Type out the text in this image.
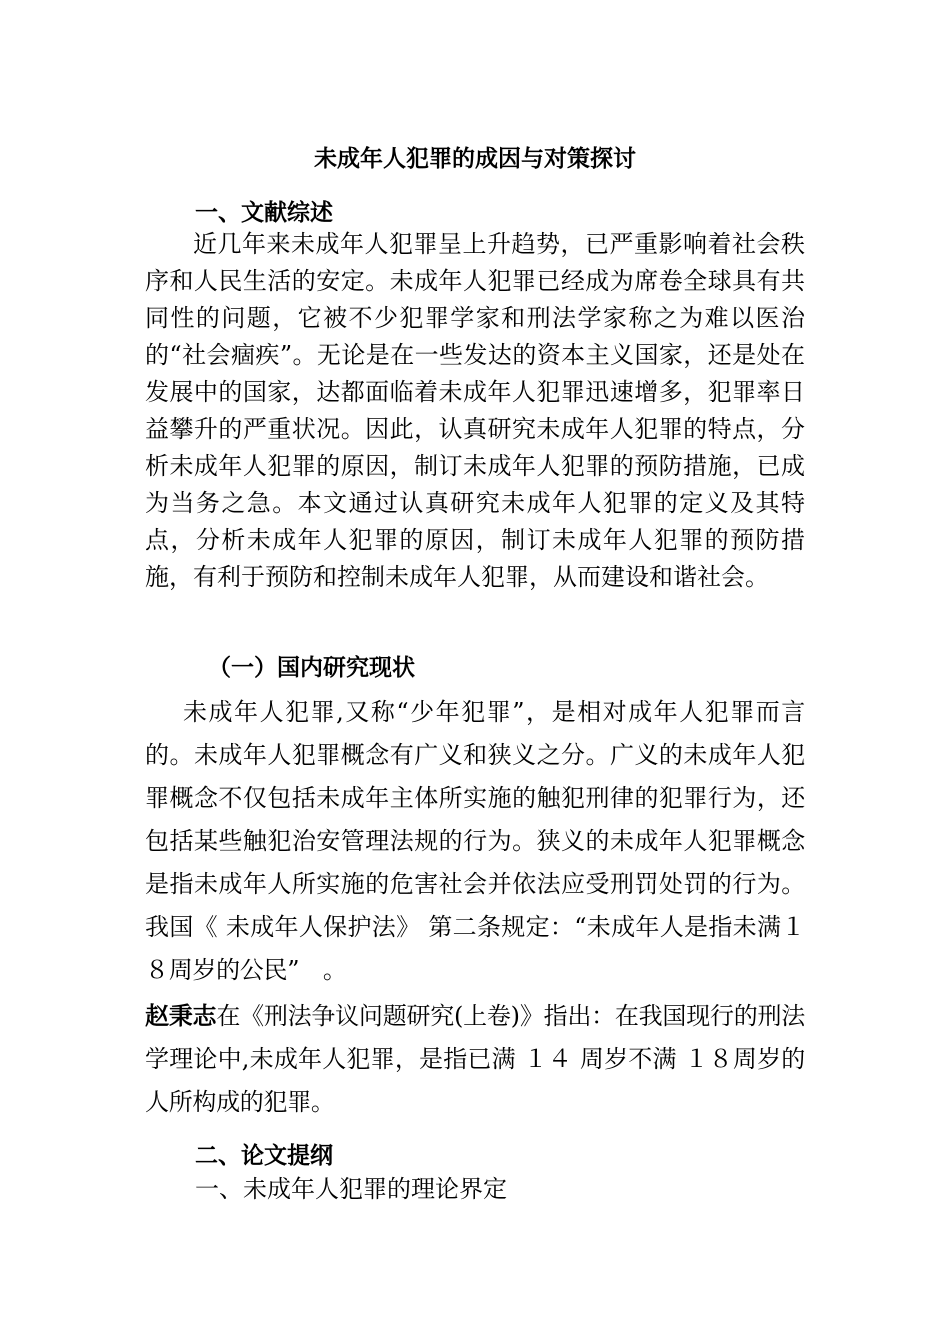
未成年人犯罪的成因与对策探讨
一、文献综述
近几年来未成年人犯罪呈上升趋势，已严重影响着社会秩序和人民生活的安定。未成年人犯罪已经成为席卷全球具有共同性的问题，它被不少犯罪学家和刑法学家称之为难以医治的“社会痼疾”。无论是在一些发达的资本主义国家，还是处在发展中的国家，达都面临着未成年人犯罪迅速增多，犯罪率日益攀升的严重状况。因此，认真研究未成年人犯罪的特点，分析未成年人犯罪的原因，制订未成年人犯罪的预防措施，已成为当务之急。本文通过认真研究未成年人犯罪的定义及其特点，分析未成年人犯罪的原因，制订未成年人犯罪的预防措施，有利于预防和控制未成年人犯罪，从而建设和谐社会。
（一）国内研究现状
未成年人犯罪,又称“少年犯罪”，是相对成年人犯罪而言的。未成年人犯罪概念有广义和狭义之分。广义的未成年人犯罪概念不仅包括未成年主体所实施的触犯刑律的犯罪行为，还包括某些触犯治安管理法规的行为。狭义的未成年人犯罪概念是指未成年人所实施的危害社会并依法应受刑罚处罚的行为。我国《 未成年人保护法》 第二条规定：“未成年人是指未满１８周岁的公民”　。
赵秉志在《刑法争议问题研究(上卷)》指出：在我国现行的刑法学理论中,未成年人犯罪，是指已满 １４ 周岁不满 １８周岁的人所构成的犯罪。
二、论文提纲
一、未成年人犯罪的理论界定
